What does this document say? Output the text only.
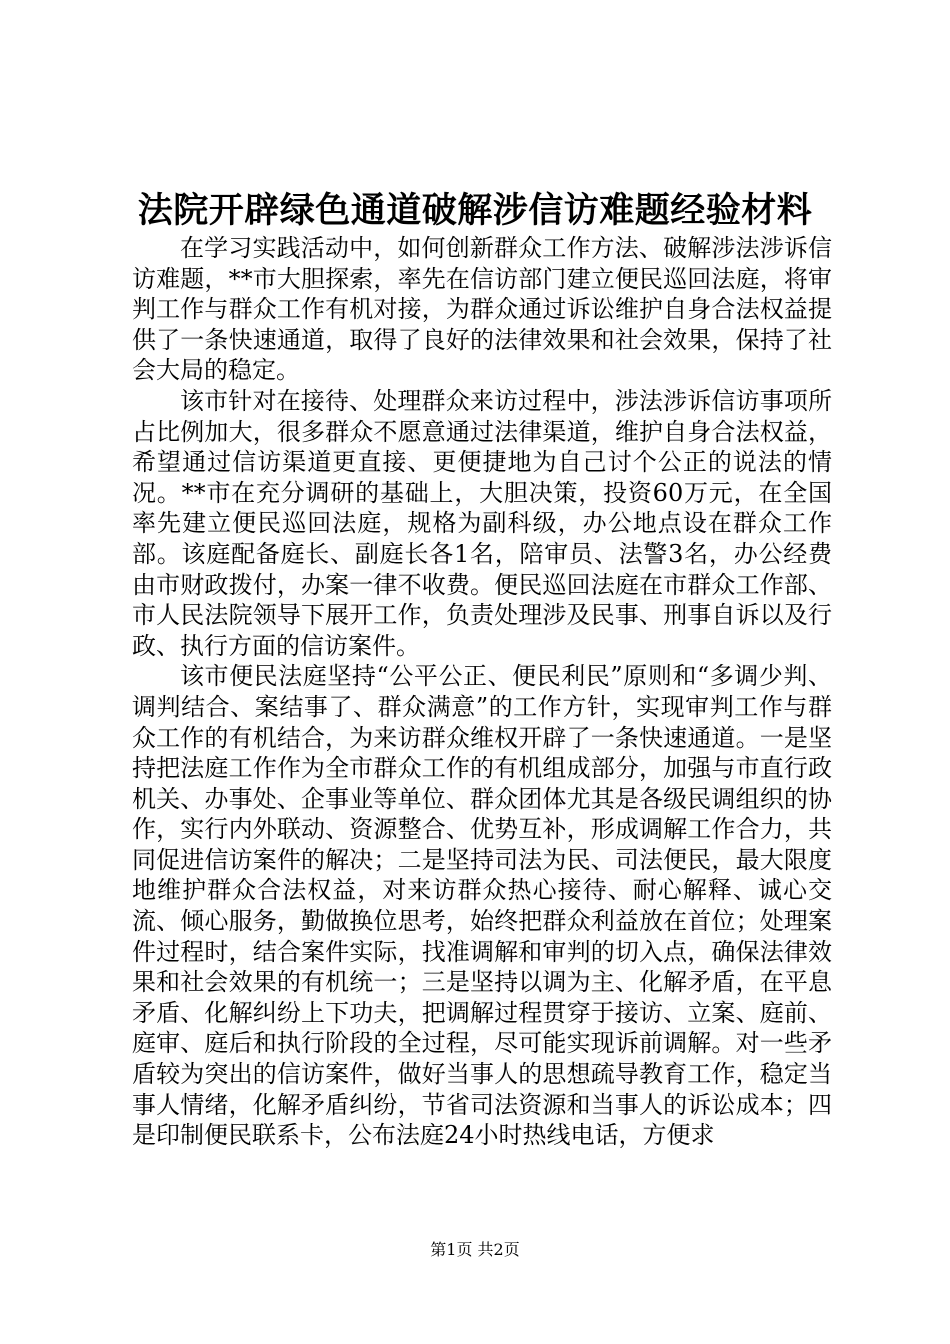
法院开辟绿色通道破解涉信访难题经验材料

在学习实践活动中，如何创新群众工作方法、破解涉法涉诉信访难题，**市大胆探索，率先在信访部门建立便民巡回法庭，将审判工作与群众工作有机对接，为群众通过诉讼维护自身合法权益提供了一条快速通道，取得了良好的法律效果和社会效果，保持了社会大局的稳定。

该市针对在接待、处理群众来访过程中，涉法涉诉信访事项所占比例加大，很多群众不愿意通过法律渠道，维护自身合法权益，希望通过信访渠道更直接、更便捷地为自己讨个公正的说法的情况。**市在充分调研的基础上，大胆决策，投资60万元，在全国率先建立便民巡回法庭，规格为副科级，办公地点设在群众工作部。该庭配备庭长、副庭长各1名，陪审员、法警3名，办公经费由市财政拨付，办案一律不收费。便民巡回法庭在市群众工作部、市人民法院领导下展开工作，负责处理涉及民事、刑事自诉以及行政、执行方面的信访案件。

该市便民法庭坚持“公平公正、便民利民”原则和“多调少判、调判结合、案结事了、群众满意”的工作方针，实现审判工作与群众工作的有机结合，为来访群众维权开辟了一条快速通道。一是坚持把法庭工作作为全市群众工作的有机组成部分，加强与市直行政机关、办事处、企事业等单位、群众团体尤其是各级民调组织的协作，实行内外联动、资源整合、优势互补，形成调解工作合力，共同促进信访案件的解决；二是坚持司法为民、司法便民，最大限度地维护群众合法权益，对来访群众热心接待、耐心解释、诚心交流、倾心服务，勤做换位思考，始终把群众利益放在首位；处理案件过程时，结合案件实际，找准调解和审判的切入点，确保法律效果和社会效果的有机统一；三是坚持以调为主、化解矛盾，在平息矛盾、化解纠纷上下功夫，把调解过程贯穿于接访、立案、庭前、庭审、庭后和执行阶段的全过程，尽可能实现诉前调解。对一些矛盾较为突出的信访案件，做好当事人的思想疏导教育工作，稳定当事人情绪，化解矛盾纠纷，节省司法资源和当事人的诉讼成本；四是印制便民联系卡，公布法庭24小时热线电话，方便求

第1页 共2页
